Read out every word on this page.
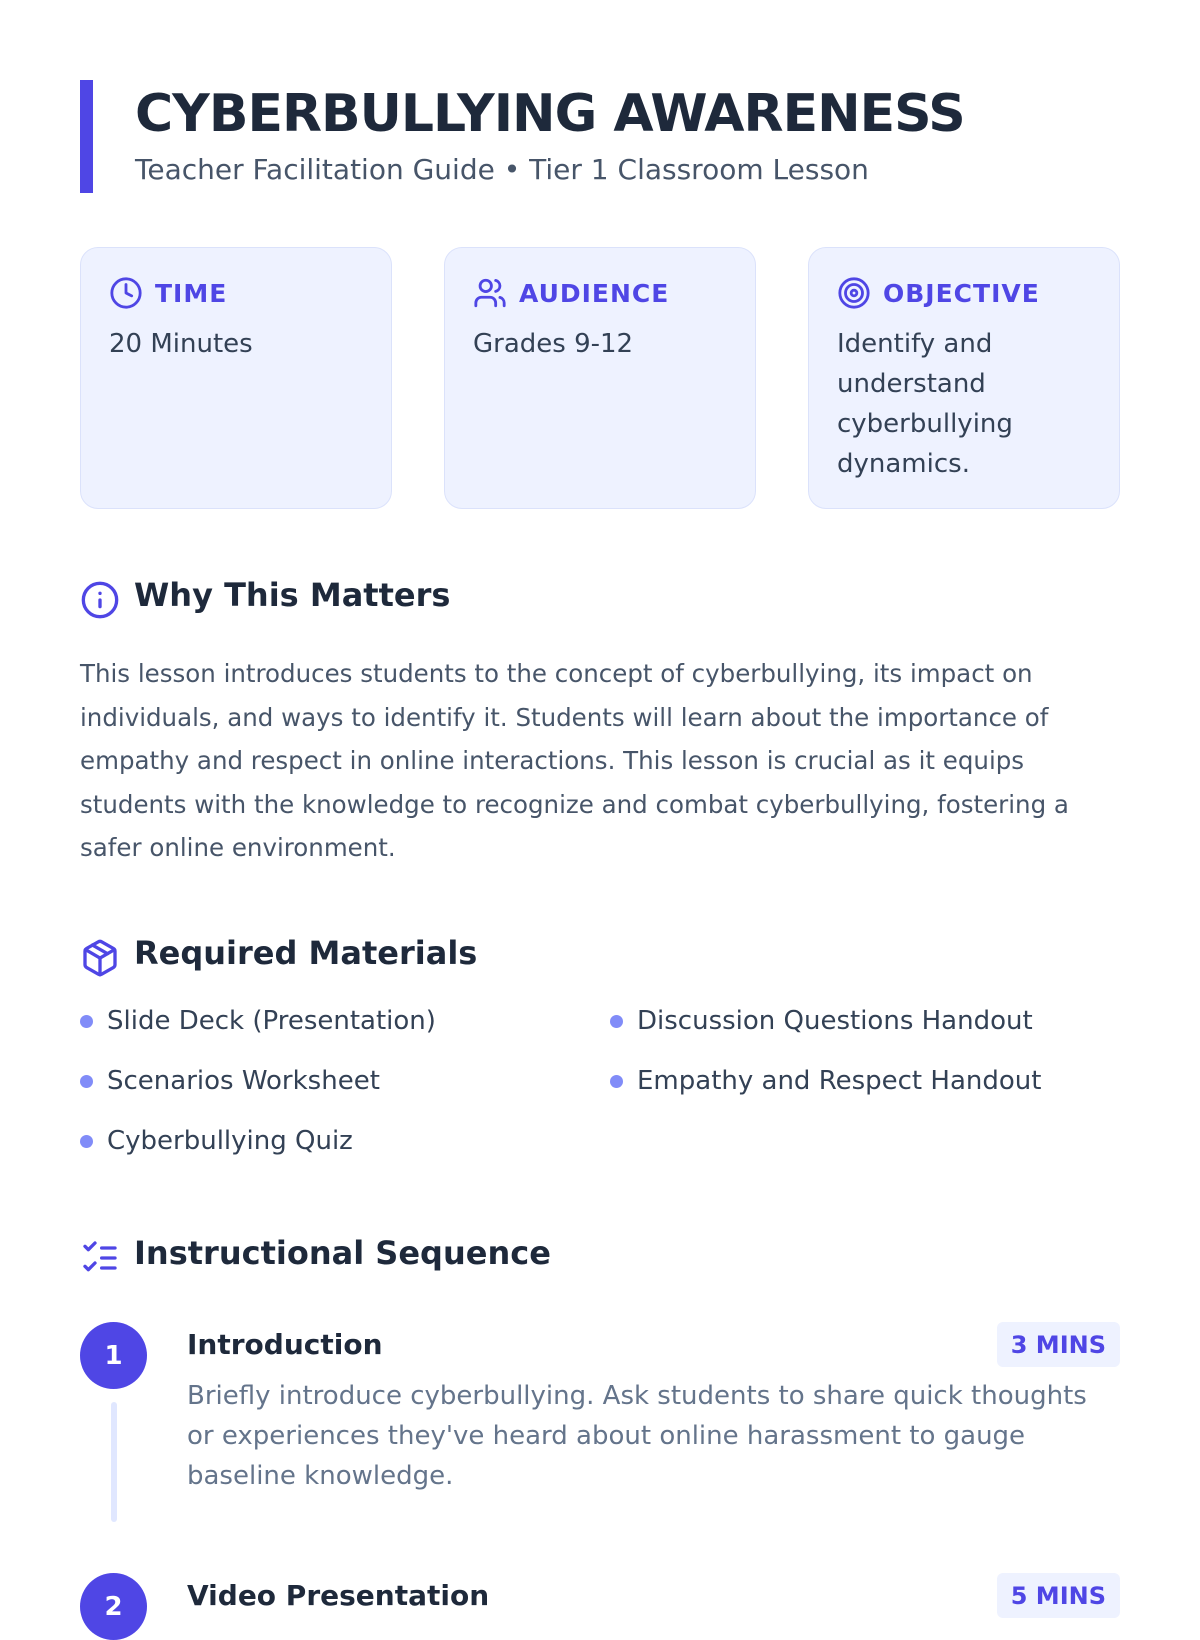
CYBERBULLYING AWARENESS
Teacher Facilitation Guide • Tier 1 Classroom Lesson
TIME
20 Minutes
AUDIENCE
Grades 9-12
OBJECTIVE
Identify and understand cyberbullying dynamics.
Why This Matters

This lesson introduces students to the concept of cyberbullying, its impact on individuals, and ways to identify it. Students will learn about the importance of empathy and respect in online interactions. This lesson is crucial as it equips students with the knowledge to recognize and combat cyberbullying, fostering a safer online environment.

Required Materials
Slide Deck (Presentation)	Discussion Questions Handout
Scenarios Worksheet	Empathy and Respect Handout
Cyberbullying Quiz
Instructional Sequence
1	Introduction	3 MINS
Briefly introduce cyberbullying. Ask students to share quick thoughts or experiences they've heard about online harassment to gauge baseline knowledge.
2	Video Presentation	5 MINS
